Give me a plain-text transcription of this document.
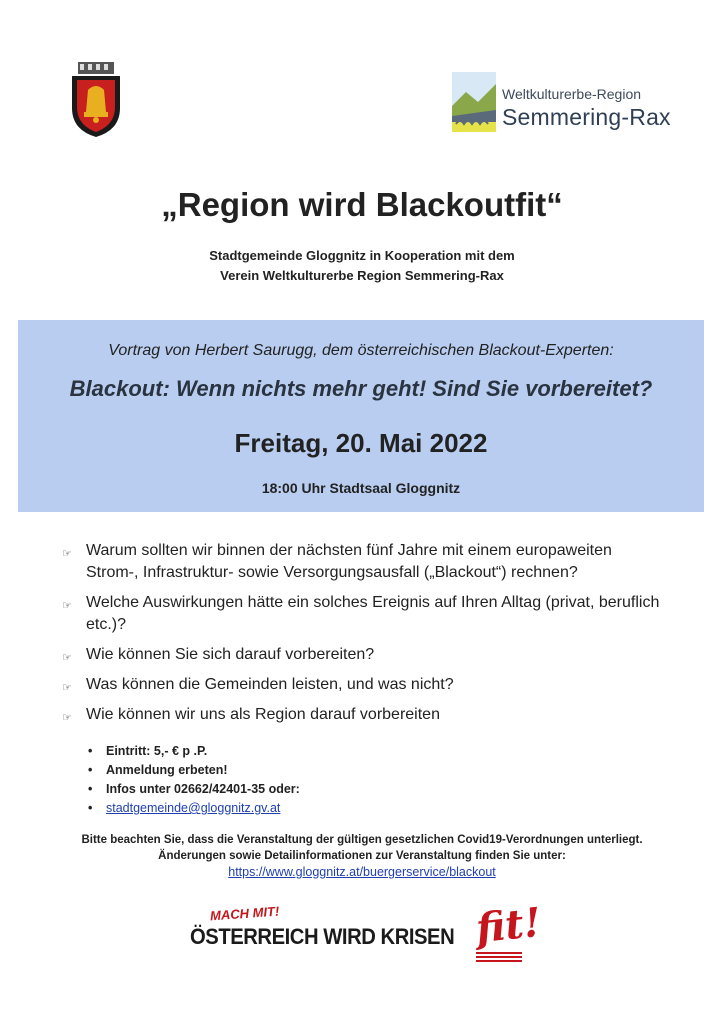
Weltkulturerbe-Region
Semmering-Rax
„Region wird Blackoutfit“
Stadtgemeinde Gloggnitz in Kooperation mit dem
Verein Weltkulturerbe Region Semmering-Rax
Vortrag von Herbert Saurugg, dem österreichischen Blackout-Experten:
Blackout: Wenn nichts mehr geht! Sind Sie vorbereitet?
Freitag, 20. Mai 2022
18:00 Uhr Stadtsaal Gloggnitz
☞ Warum sollten wir binnen der nächsten fünf Jahre mit einem europaweiten Strom-, Infrastruktur- sowie Versorgungsausfall („Blackout“) rechnen?
☞ Welche Auswirkungen hätte ein solches Ereignis auf Ihren Alltag (privat, beruflich etc.)?
☞ Wie können Sie sich darauf vorbereiten?
☞ Was können die Gemeinden leisten, und was nicht?
☞ Wie können wir uns als Region darauf vorbereiten
• Eintritt: 5,- € p .P.
• Anmeldung erbeten!
• Infos unter 02662/42401-35 oder:
• stadtgemeinde@gloggnitz.gv.at
Bitte beachten Sie, dass die Veranstaltung der gültigen gesetzlichen Covid19-Verordnungen unterliegt.
Änderungen sowie Detailinformationen zur Veranstaltung finden Sie unter:
https://www.gloggnitz.at/buergerservice/blackout
MACH MIT!
ÖSTERREICH WIRD KRISEN fit!
